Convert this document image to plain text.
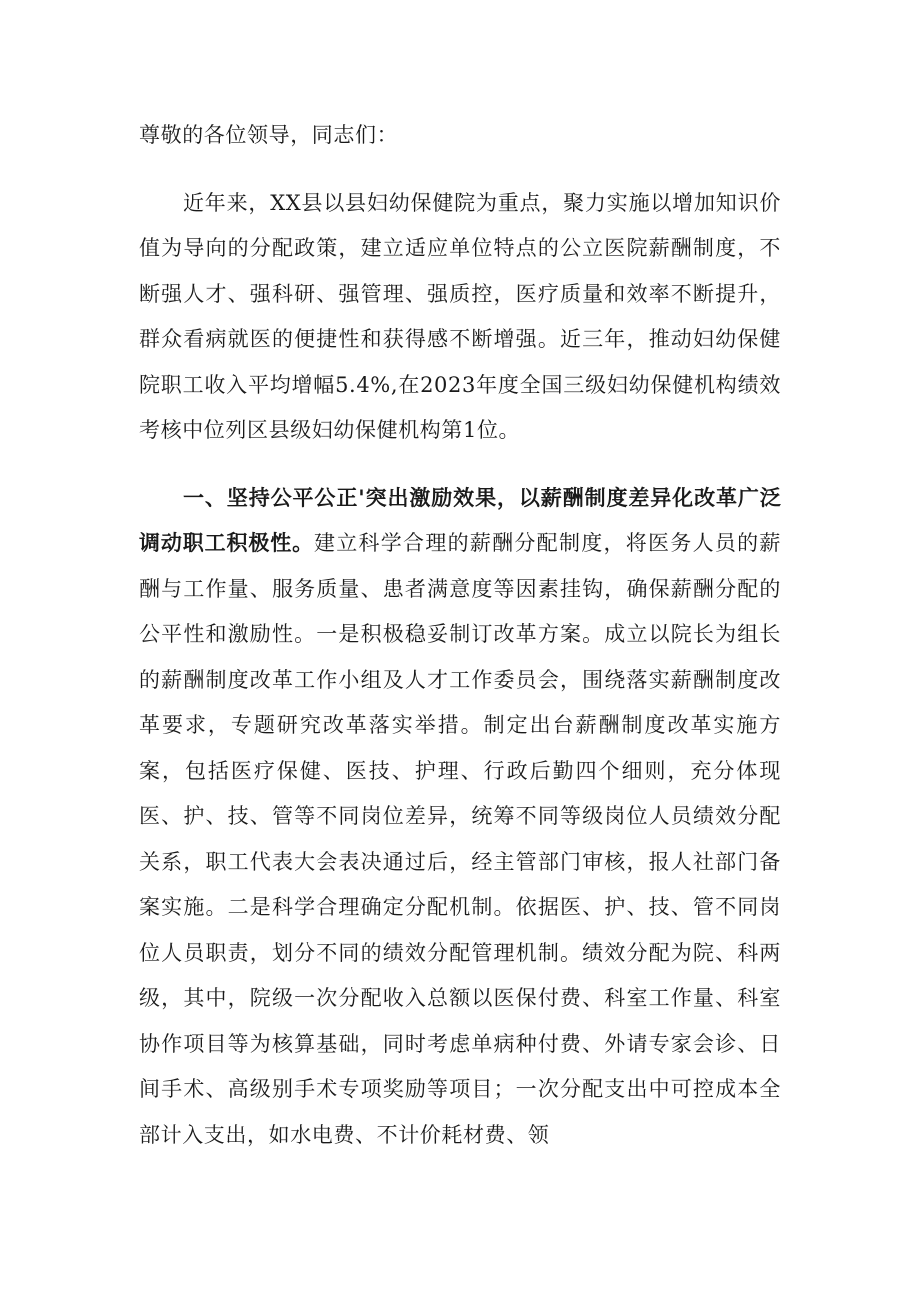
尊敬的各位领导，同志们：

近年来，XX县以县妇幼保健院为重点，聚力实施以增加知识价值为导向的分配政策，建立适应单位特点的公立医院薪酬制度，不断强人才、强科研、强管理、强质控，医疗质量和效率不断提升，群众看病就医的便捷性和获得感不断增强。近三年，推动妇幼保健院职工收入平均增幅5.4%,在2023年度全国三级妇幼保健机构绩效考核中位列区县级妇幼保健机构第1位。

一、坚持公平公正'突出激励效果，以薪酬制度差异化改革广泛调动职工积极性。建立科学合理的薪酬分配制度，将医务人员的薪酬与工作量、服务质量、患者满意度等因素挂钩，确保薪酬分配的公平性和激励性。一是积极稳妥制订改革方案。成立以院长为组长的薪酬制度改革工作小组及人才工作委员会，围绕落实薪酬制度改革要求，专题研究改革落实举措。制定出台薪酬制度改革实施方案，包括医疗保健、医技、护理、行政后勤四个细则，充分体现医、护、技、管等不同岗位差异，统筹不同等级岗位人员绩效分配关系，职工代表大会表决通过后，经主管部门审核，报人社部门备案实施。二是科学合理确定分配机制。依据医、护、技、管不同岗位人员职责，划分不同的绩效分配管理机制。绩效分配为院、科两级，其中，院级一次分配收入总额以医保付费、科室工作量、科室协作项目等为核算基础，同时考虑单病种付费、外请专家会诊、日间手术、高级别手术专项奖励等项目；一次分配支出中可控成本全部计入支出，如水电费、不计价耗材费、领
